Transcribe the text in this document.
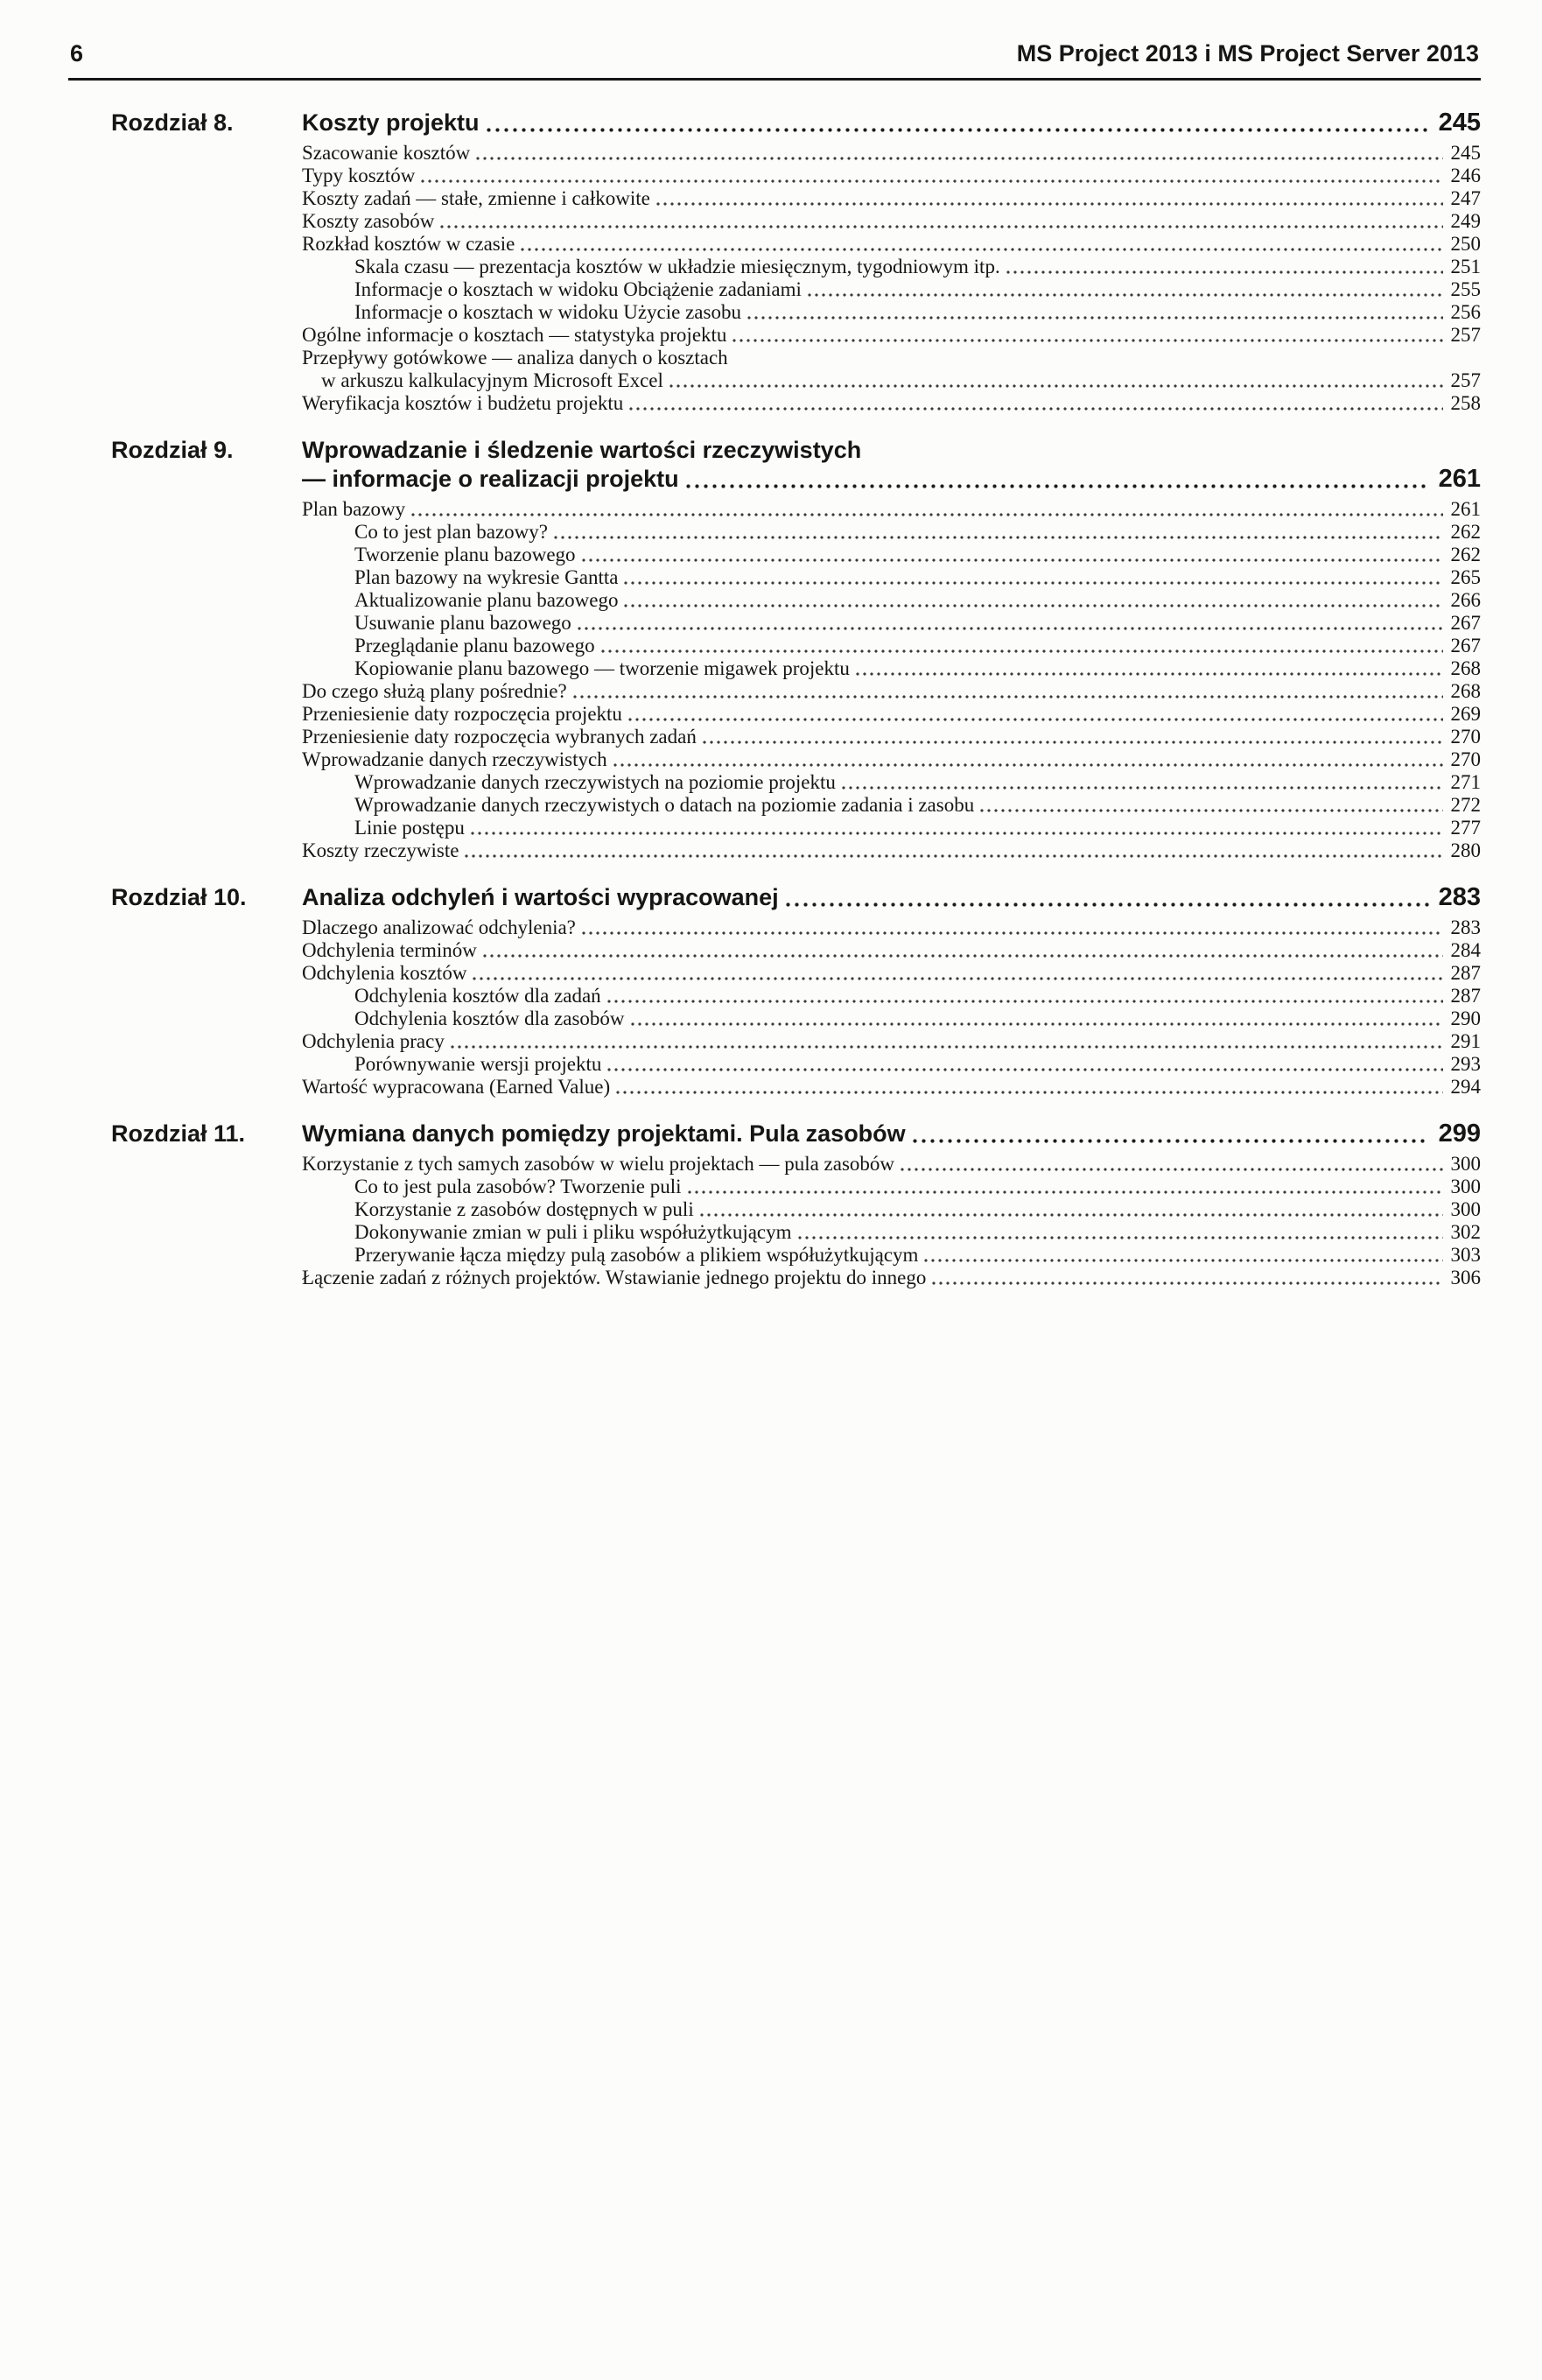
6	MS Project 2013 i MS Project Server 2013
Rozdział 8.	Koszty projektu	245
Szacowanie kosztów	245
Typy kosztów	246
Koszty zadań — stałe, zmienne i całkowite	247
Koszty zasobów	249
Rozkład kosztów w czasie	250
Skala czasu — prezentacja kosztów w układzie miesięcznym, tygodniowym itp.	251
Informacje o kosztach w widoku Obciążenie zadaniami	255
Informacje o kosztach w widoku Użycie zasobu	256
Ogólne informacje o kosztach — statystyka projektu	257
Przepływy gotówkowe — analiza danych o kosztach
w arkuszu kalkulacyjnym Microsoft Excel	257
Weryfikacja kosztów i budżetu projektu	258
Rozdział 9.	Wprowadzanie i śledzenie wartości rzeczywistych
— informacje o realizacji projektu	261
Plan bazowy	261
Co to jest plan bazowy?	262
Tworzenie planu bazowego	262
Plan bazowy na wykresie Gantta	265
Aktualizowanie planu bazowego	266
Usuwanie planu bazowego	267
Przeglądanie planu bazowego	267
Kopiowanie planu bazowego — tworzenie migawek projektu	268
Do czego służą plany pośrednie?	268
Przeniesienie daty rozpoczęcia projektu	269
Przeniesienie daty rozpoczęcia wybranych zadań	270
Wprowadzanie danych rzeczywistych	270
Wprowadzanie danych rzeczywistych na poziomie projektu	271
Wprowadzanie danych rzeczywistych o datach na poziomie zadania i zasobu	272
Linie postępu	277
Koszty rzeczywiste	280
Rozdział 10.	Analiza odchyleń i wartości wypracowanej	283
Dlaczego analizować odchylenia?	283
Odchylenia terminów	284
Odchylenia kosztów	287
Odchylenia kosztów dla zadań	287
Odchylenia kosztów dla zasobów	290
Odchylenia pracy	291
Porównywanie wersji projektu	293
Wartość wypracowana (Earned Value)	294
Rozdział 11.	Wymiana danych pomiędzy projektami. Pula zasobów	299
Korzystanie z tych samych zasobów w wielu projektach — pula zasobów	300
Co to jest pula zasobów? Tworzenie puli	300
Korzystanie z zasobów dostępnych w puli	300
Dokonywanie zmian w puli i pliku współużytkującym	302
Przerywanie łącza między pulą zasobów a plikiem współużytkującym	303
Łączenie zadań z różnych projektów. Wstawianie jednego projektu do innego	306
